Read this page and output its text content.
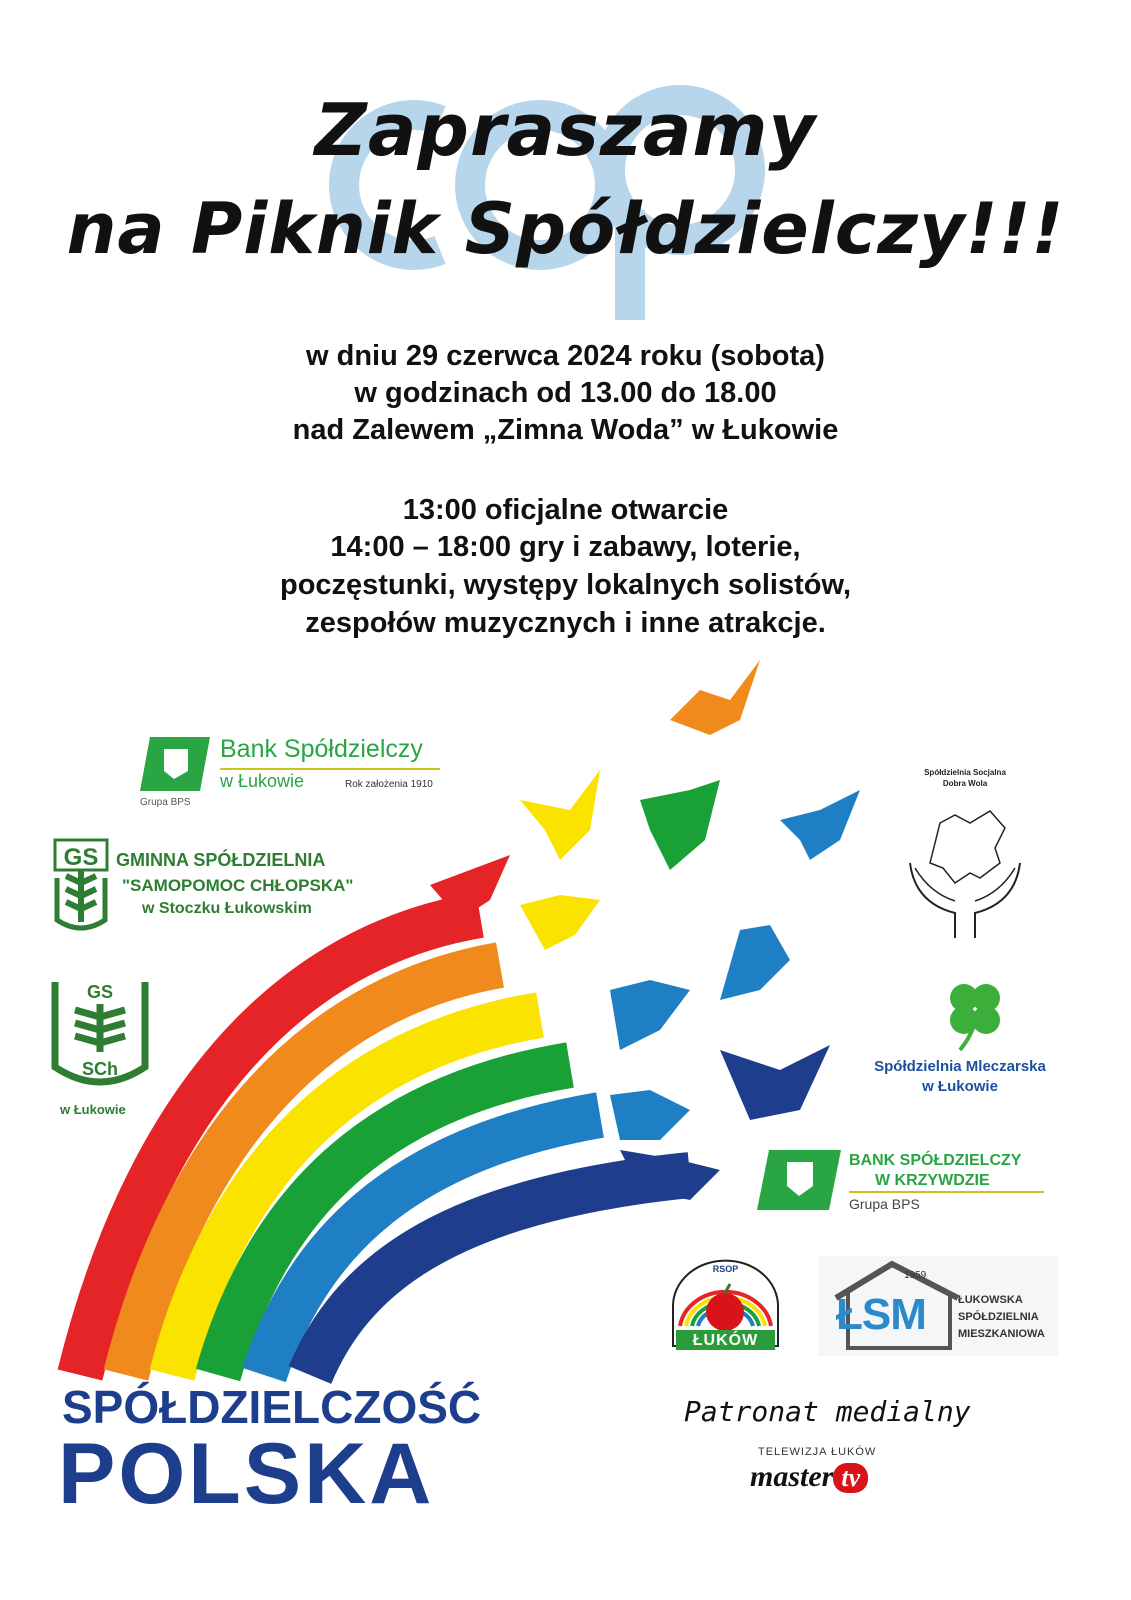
Zapraszamy
na Piknik Spółdzielczy!!!
w dniu 29 czerwca 2024 roku (sobota)
w godzinach od 13.00 do 18.00
nad Zalewem „Zimna Woda” w Łukowie
13:00 oficjalne otwarcie
14:00 – 18:00 gry i zabawy, loterie,
poczęstunki, występy lokalnych solistów,
zespołów muzycznych i inne atrakcje.
Bank Spółdzielczy
w Łukowie	Rok założenia 1910
Grupa BPS
GS GMINNA SPÓŁDZIELNIA
"SAMOPOMOC CHŁOPSKA"
w Stoczku Łukowskim
GS
SCh
w Łukowie
Spółdzielnia Socjalna
Dobra Wola
Spółdzielnia Mleczarska
w Łukowie
BANK SPÓŁDZIELCZY
W KRZYWDZIE
Grupa BPS
RSOP
ŁUKÓW
1959
ŁSM	ŁUKOWSKA
SPÓŁDZIELNIA
MIESZKANIOWA
SPÓŁDZIELCZOŚĆ
POLSKA
Patronat medialny
TELEWIZJA ŁUKÓW
master tv
